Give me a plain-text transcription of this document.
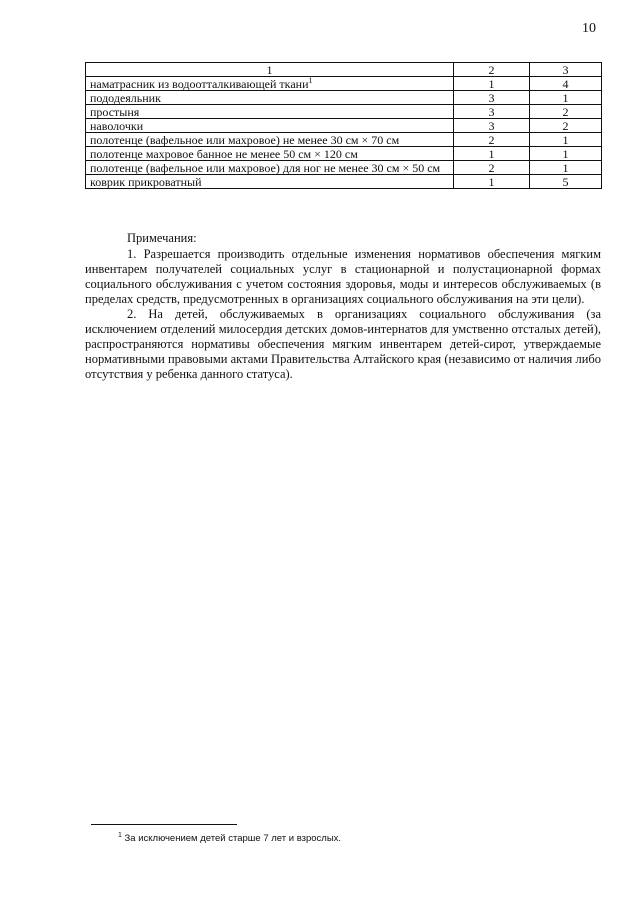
10
1	2	3
наматрасник из водоотталкивающей ткани$^1$	1	4
пододеяльник	3	1
простыня	3	2
наволочки	3	2
полотенце (вафельное или махровое) не менее 30 см × 70 см	2	1
полотенце махровое банное не менее 50 см × 120 см	1	1
полотенце (вафельное или махровое) для ног не менее 30 см × 50 см	2	1
коврик прикроватный	1	5

Примечания:

1. Разрешается производить отдельные изменения нормативов обеспечения мягким инвентарем получателей социальных услуг в стационарной и полустационарной формах социального обслуживания с учетом состояния здоровья, моды и интересов обслуживаемых (в пределах средств, предусмотренных в организациях социального обслуживания на эти цели).

2. На детей, обслуживаемых в организациях социального обслуживания (за исключением отделений милосердия детских домов-интернатов для умственно отсталых детей), распространяются нормативы обеспечения мягким инвентарем детей-сирот, утверждаемые нормативными правовыми актами Правительства Алтайского края (независимо от наличия либо отсутствия у ребенка данного статуса).

$^1$ За исключением детей старше 7 лет и взрослых.
